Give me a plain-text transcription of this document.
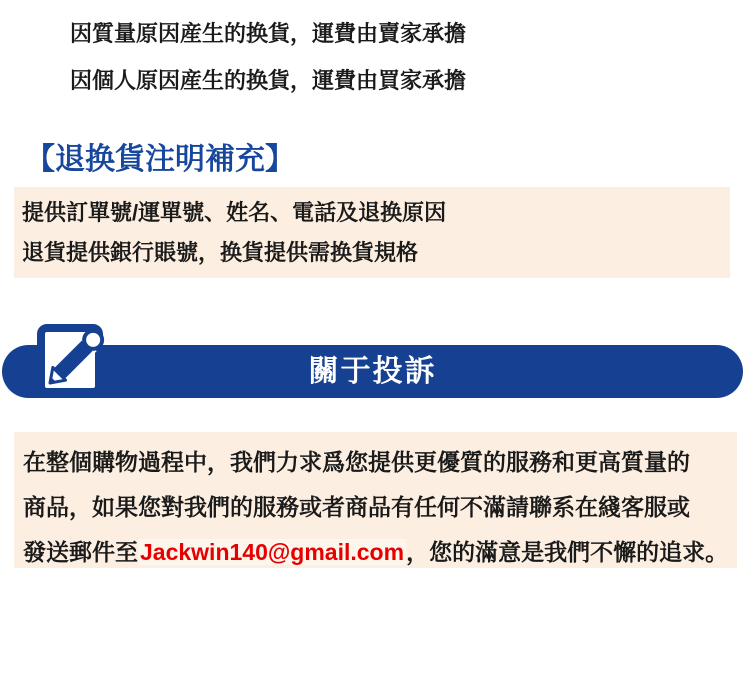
因質量原因産生的换貨，運費由賣家承擔
因個人原因産生的换貨，運費由買家承擔
【退换貨注明補充】
提供訂單號/運單號、姓名、電話及退换原因
退貨提供銀行賬號，换貨提供需换貨規格
關于投訴
在整個購物過程中，我們力求爲您提供更優質的服務和更高質量的
商品，如果您對我們的服務或者商品有任何不滿請聯系在綫客服或
發送郵件至Jackwin140@gmail.com，您的滿意是我們不懈的追求。
